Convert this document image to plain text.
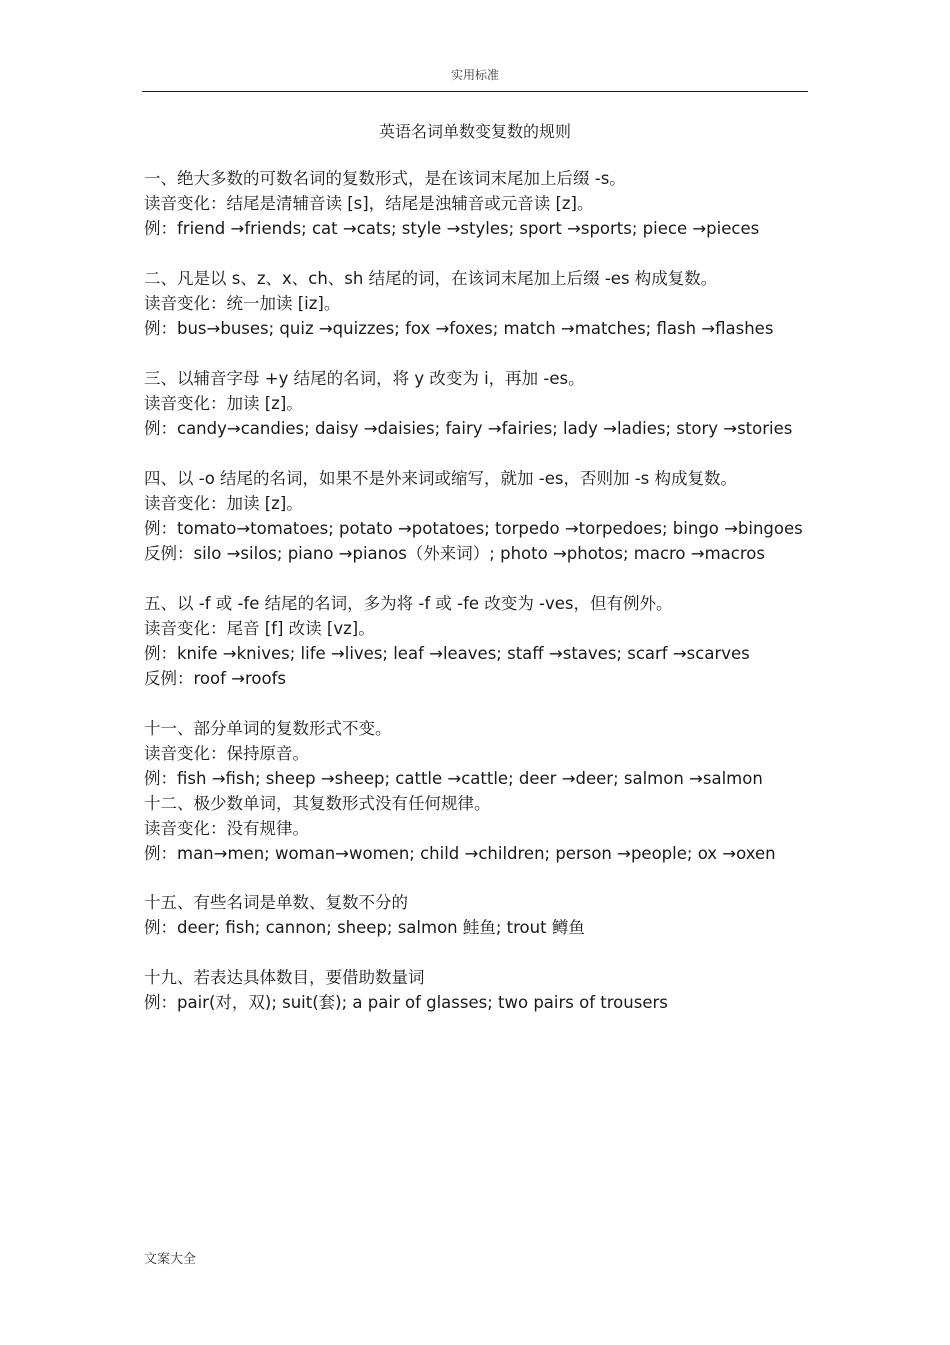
实用标准
英语名词单数变复数的规则
一、绝大多数的可数名词的复数形式，是在该词末尾加上后缀 -s。
读音变化：结尾是清辅音读 [s]，结尾是浊辅音或元音读 [z]。
例：friend →friends; cat →cats; style →styles; sport →sports; piece →pieces
二、凡是以 s、z、x、ch、sh 结尾的词，在该词末尾加上后缀 -es 构成复数。
读音变化：统一加读 [iz]。
例：bus→buses; quiz →quizzes; fox →foxes; match →matches; flash →flashes
三、以辅音字母 +y 结尾的名词，将 y 改变为 i，再加 -es。
读音变化：加读 [z]。
例：candy→candies; daisy →daisies; fairy →fairies; lady →ladies; story →stories
四、以 -o 结尾的名词，如果不是外来词或缩写，就加 -es，否则加 -s 构成复数。
读音变化：加读 [z]。
例：tomato→tomatoes; potato →potatoes; torpedo →torpedoes; bingo →bingoes
反例：silo →silos; piano →pianos（外来词）; photo →photos; macro →macros
五、以 -f 或 -fe 结尾的名词，多为将 -f 或 -fe 改变为 -ves，但有例外。
读音变化：尾音 [f] 改读 [vz]。
例：knife →knives; life →lives; leaf →leaves; staff →staves; scarf →scarves
反例：roof →roofs
十一、部分单词的复数形式不变。
读音变化：保持原音。
例：fish →fish; sheep →sheep; cattle →cattle; deer →deer; salmon →salmon
十二、极少数单词，其复数形式没有任何规律。
读音变化：没有规律。
例：man→men; woman→women; child →children; person →people; ox →oxen
十五、有些名词是单数、复数不分的
例：deer; fish; cannon; sheep; salmon 鲑鱼; trout 鳟鱼
十九、若表达具体数目，要借助数量词
例：pair(对，双); suit(套); a pair of glasses; two pairs of trousers
文案大全
